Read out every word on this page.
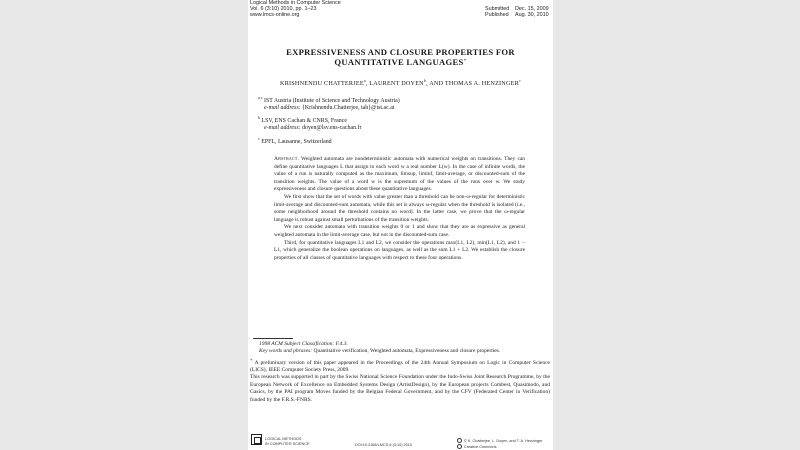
Logical Methods in Computer Science
Vol. 6 (3:10) 2010, pp. 1–23
www.lmcs-online.org
Submitted Dec. 15, 2009
Published Aug. 30, 2010
EXPRESSIVENESS AND CLOSURE PROPERTIES FOR
QUANTITATIVE LANGUAGES∗
KRISHNENDU CHATTERJEE$^a$, LAURENT DOYEN$^b$, AND THOMAS A. HENZINGER$^c$
$^{a,c}$ IST Austria (Institute of Science and Technology Austria)
e-mail address: {Krishnendu.Chatterjee, tah}@ist.ac.at
$^b$ LSV, ENS Cachan & CNRS, France
e-mail address: doyen@lsv.ens-cachan.fr
$^c$ EPFL, Lausanne, Switzerland

Abstract. Weighted automata are nondeterministic automata with numerical weights on transitions. They can define quantitative languages L that assign to each word w a real number L(w). In the case of infinite words, the value of a run is naturally computed as the maximum, limsup, liminf, limit-average, or discounted-sum of the transition weights. The value of a word w is the supremum of the values of the runs over w. We study expressiveness and closure questions about these quantitative languages.

We first show that the set of words with value greater than a threshold can be non-ω-regular for deterministic limit-average and discounted-sum automata, while this set is always ω-regular when the threshold is isolated (i.e., some neighborhood around the threshold contains no word). In the latter case, we prove that the ω-regular language is robust against small perturbations of the transition weights.

We next consider automata with transition weights 0 or 1 and show that they are as expressive as general weighted automata in the limit-average case, but not in the discounted-sum case.

Third, for quantitative languages L1 and L2, we consider the operations max(L1, L2), min(L1, L2), and 1 − L1, which generalize the boolean operations on languages, as well as the sum L1 + L2. We establish the closure properties of all classes of quantitative languages with respect to these four operations.

1998 ACM Subject Classification: F.4.3.

Key words and phrases: Quantitative verification, Weighted automata, Expressiveness and closure properties.

∗ A preliminary version of this paper appeared in the Proceedings of the 24th Annual Symposium on Logic in Computer Science (LICS), IEEE Computer Society Press, 2009.

This research was supported in part by the Swiss National Science Foundation under the Indo-Swiss Joint Research Programme, by the European Network of Excellence on Embedded Systems Design (ArtistDesign), by the European projects Combest, Quasimodo, and Gasics, by the PAI program Moves funded by the Belgian Federal Government, and by the CFV (Federated Center in Verification) funded by the F.R.S.-FNRS.

LOGICAL METHODS
IN COMPUTER SCIENCE	DOI:10.2168/LMCS-6 (3:10) 2010
© K. Chatterjee, L. Doyen, and T. A. Henzinger
Creative Commons
